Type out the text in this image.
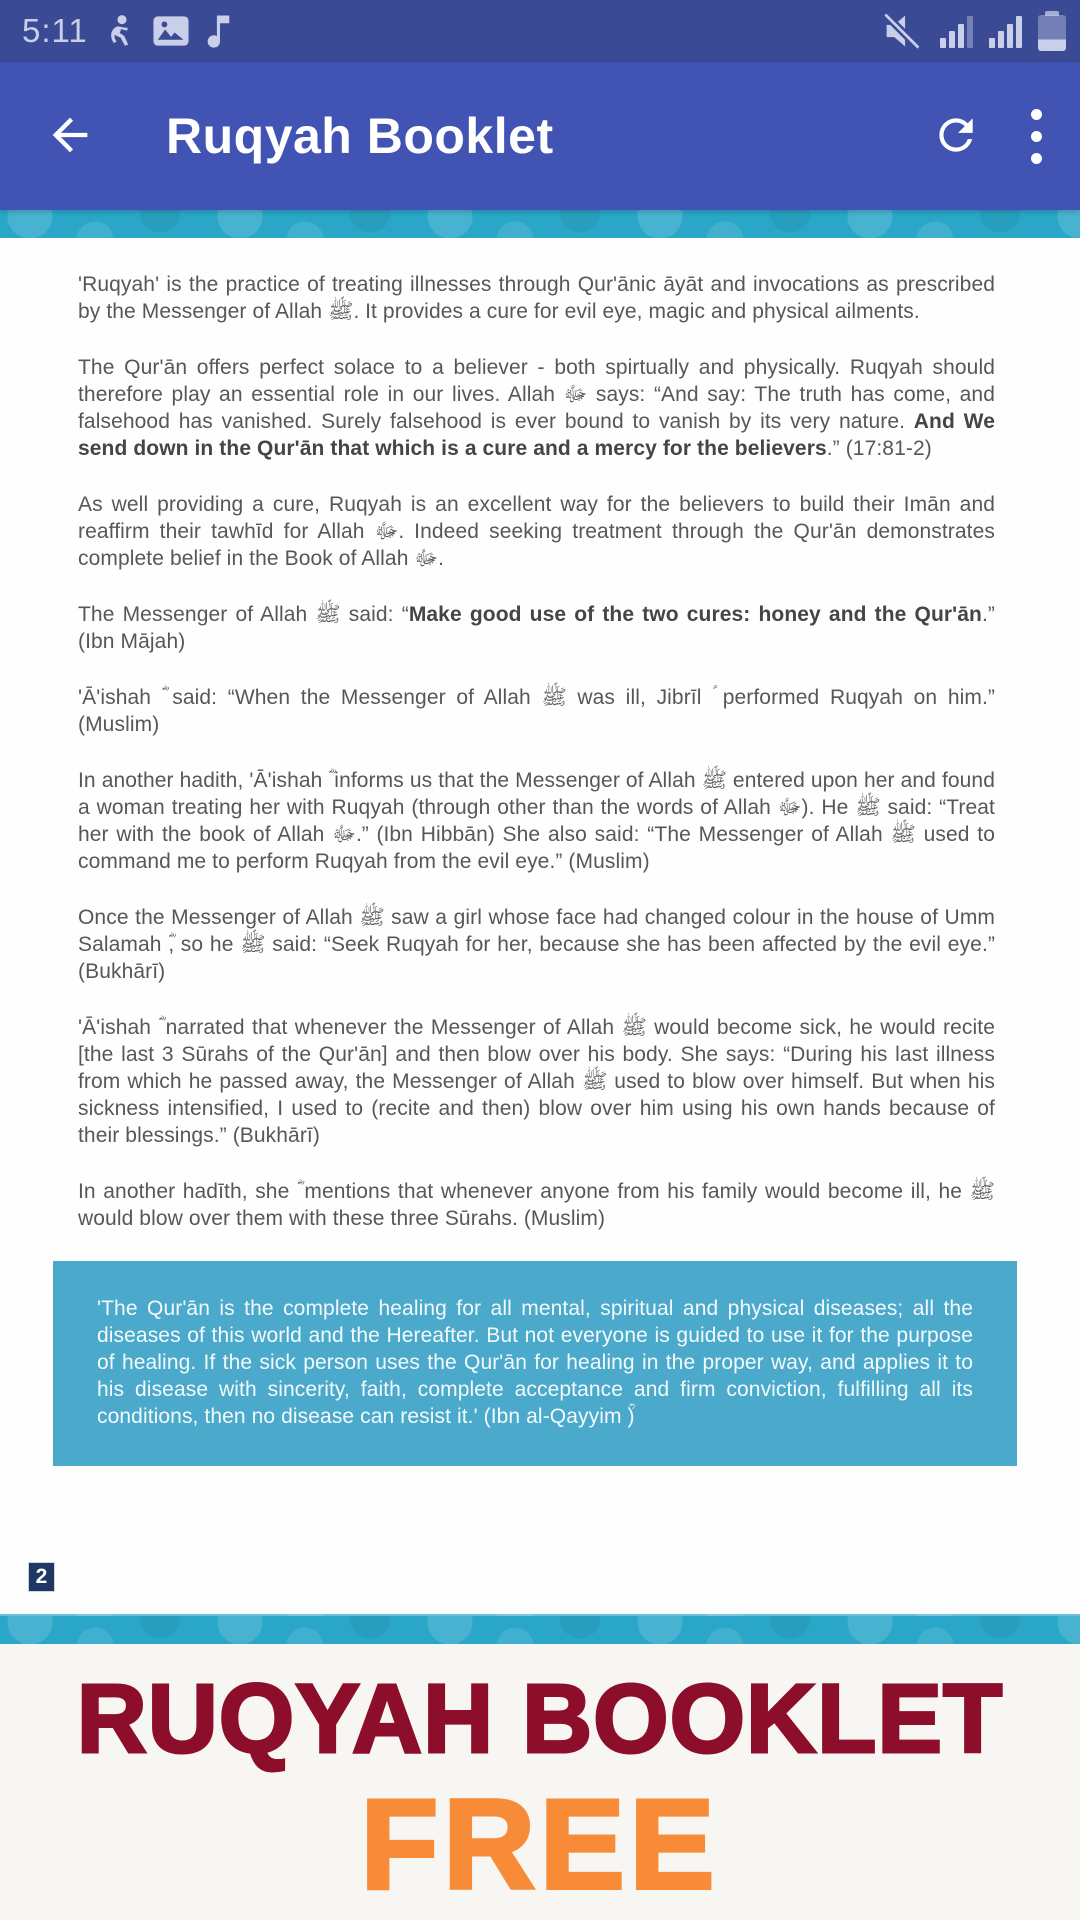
5:11
Ruqyah Booklet

'Ruqyah' is the practice of treating illnesses through Qur'ānic āyāt and invocations as prescribed by the Messenger of Allah ﷺ. It provides a cure for evil eye, magic and physical ailments.

The Qur'ān offers perfect solace to a believer - both spirtually and physically. Ruqyah should therefore play an essential role in our lives. Allah ﷻ says: “And say: The truth has come, and falsehood has vanished. Surely falsehood is ever bound to vanish by its very nature. And We send down in the Qur'ān that which is a cure and a mercy for the believers.” (17:81-2)

As well providing a cure, Ruqyah is an excellent way for the believers to build their Imān and reaffirm their tawhīd for Allah ﷻ. Indeed seeking treatment through the Qur'ān demonstrates complete belief in the Book of Allah ﷻ.

The Messenger of Allah ﷺ said: “Make good use of the two cures: honey and the Qur'ān.” (Ibn Mājah)

'Ā'ishah ؓ said: “When the Messenger of Allah ﷺ was ill, Jibrīl ؑ performed Ruqyah on him.” (Muslim)

In another hadith, 'Ā'ishah ؓ informs us that the Messenger of Allah ﷺ entered upon her and found a woman treating her with Ruqyah (through other than the words of Allah ﷻ). He ﷺ said: “Treat her with the book of Allah ﷻ.” (Ibn Hibbān) She also said: “The Messenger of Allah ﷺ used to command me to perform Ruqyah from the evil eye.” (Muslim)

Once the Messenger of Allah ﷺ saw a girl whose face had changed colour in the house of Umm Salamah ؓ, so he ﷺ said: “Seek Ruqyah for her, because she has been affected by the evil eye.” (Bukhārī)

'Ā'ishah ؓ narrated that whenever the Messenger of Allah ﷺ would become sick, he would recite [the last 3 Sūrahs of the Qur'ān] and then blow over his body. She says: “During his last illness from which he passed away, the Messenger of Allah ﷺ used to blow over himself. But when his sickness intensified, I used to (recite and then) blow over him using his own hands because of their blessings.” (Bukhārī)

In another hadīth, she ؓ mentions that whenever anyone from his family would become ill, he ﷺ would blow over them with these three Sūrahs. (Muslim)

'The Qur'ān is the complete healing for all mental, spiritual and physical diseases; all the diseases of this world and the Hereafter. But not everyone is guided to use it for the purpose of healing. If the sick person uses the Qur'ān for healing in the proper way, and applies it to his disease with sincerity, faith, complete acceptance and firm conviction, fulfilling all its conditions, then no disease can resist it.' (Ibn al-Qayyim ؒ)
2
RUQYAH BOOKLET
FREE
